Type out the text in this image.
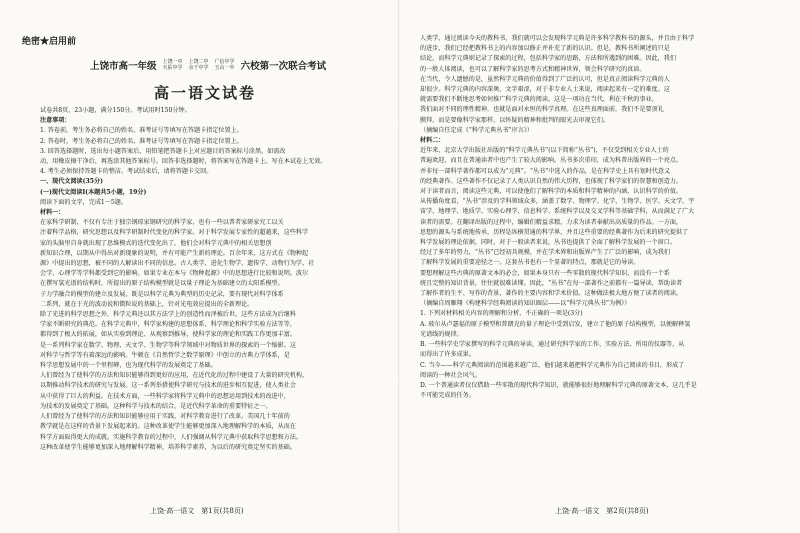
绝密★启用前
上饶市高一年级 上饶一中
天佑中学
上饶二中
余干中学
广信中学
玉山一中 六校第一次联合考试
高一语文试卷
试卷共8页，23小题，满分150分。考试用时150分钟。
注意事项：
1. 答卷前，考生务必将自己的姓名、准考证号等填写在答题卡指定位置上。
2. 答卷时，考生务必将自己的姓名、准考证号等填写在答题卡指定位置上。
3. 回答选择题时，选出每小题答案后，用铅笔把答题卡上对应题目的答案标号涂黑。如需改
动，用橡皮擦干净后，再选涂其他答案标号。回答非选择题时，将答案写在答题卡上。写在本试卷上无效。
4. 考生必须保持答题卡的整洁。考试结束后，请将答题卡交回。
一、现代文阅读(35分)
(一)现代文阅读Ⅰ(本题共5小题，19分)
阅读下面的文字，完成1～5题。
材料一：
在家科学研制，不仅有专注于独宗钢琼家钢研究的科学家，也有一些以普者家研家究工以关
注着科学品格，研究思想以及科学研制时代变化的科学家。对于科学发展专家性的超越来，这些科学
家的头脑里自身就出现了思维模式的迭代变化出了，他们会对科学元典中的相关思想创
新知识合理，以期从中得出对新现象的说明，并有可能产生新的理论。百余年来，这方式在《物种起
源》中提出的思想，被不同的人解读出不同的信息。古人类学、进化生物学、遗传学、动物行为学、社
会学、心理学等学科都受到它的影响。如果专业在本与《物种起源》中的思想进行比较和说明。波尔
在撰写氢光谱的结构时，所提出的原子结构模型就是以量子理论为基础建立的太阳系模型。
子力学融合的模型的建立及发展，既是以科学元典为典型的历史记录，要有现代对科学体系
二系列，就在于光的波动说和微粒说的基础上，针对光电效应提出的全新理论。
除了光进的科学思想之外，科学元典还以其方法学上的创造性而泽被后世。这些方法成为后继科
学家不断研究的典范。在科学元典中，科学家构建的思想体系、科学理论和科学实验方法等等，
都得到了极大的拓展，如从实验到理论、从观察到推导，使科学家的理论和实践工作更加丰富。
是一系列科学家在数学、物理、天文学、生物学等科学领域中对物质世界的探索的一个缩影。这
对科学与哲学等有着深远的影响。牛顿在《自然哲学之数学原理》中创立的古典力学体系，是
科学思想发展中的一个里程碑，也为现代科学的发展奠定了基础。
人们曾经为了使科学的方法和知识能够得到更好的应用，在近代化的过程中建设了大量的研究机构，
以期推动科学技术的研究与发展。这一系列举措使科学研究与技术的进步相互促进，使人类社会
从中获得了巨大的利益。在技术方面，一些科学家将科学元典中的思想运用到技术的改进中，
为技术的发展奠定了基础。这种科学与技术的结合，是近代科学革命的重要特征之一。
人们曾经为了使科学的方法和知识能够应用于实践，对科学教育进行了改革。美国几十年前的
教学就是在这样的背景下发展起来的。这种改革使学生能够更加深入地理解科学的本质，从而在
科学方面取得更大的成就。实施科学教育的过程中，人们强调从科学元典中获取科学思想和方法。
这种改革使学生能够更加深入地理解科学精神，培养科学素养，为以后的研究奠定坚实的基础。
人类学，通过阅读今天的教科书，我们就可以会发现科学元典是许多科学教科书的源头，并且由于科学
的进步，我们已经把教科书上的内容加以修正并补充了新的认识。但是，教科书所阐述的只是
结论，而科学元典则记录了探索的过程，包括科学家的思路、方法和所遇到的困难。因此，我们
的一般人体阅读，也可以了解科学家的思考方式和精神世界，领会科学研究的真谛。
在当代，令人遗憾的是，虽然科学元典的价值得到了广泛的认可，但是真正阅读科学元典的人
却很少。科学元典的内容深奥、文字艰涩，对于非专业人士来说，阅读起来有一定的难度。这
就需要我们不断地思考如何推广科学元典的阅读。这是一项功在当代、利在千秋的事业。
我们面对不同的理性精神，也就是面对永恒的科学真理。在这些真理面前，我们不是要顶礼
膜拜，而是要像科学家那样，以怀疑的精神和批判的眼光去审视它们。
（摘编自任定成《“科学元典丛书”序言》）
材料二：
近年来，北京大学出版社出版的“科学元典丛书”(以下简称“丛书”)，不仅受到相关专业人士的
普遍欢迎，而且在普通读者中也产生了较大的影响。丛书多次重印，成为科普出版界的一个亮点。
并非每一部科学著作都可以成为“元典”。“丛书”中选入的作品，是在科学史上具有划时代意义
的经典著作。这些著作不仅记录了人类认识自然的伟大历程，也体现了科学家们的智慧和创造力。
对于读者而言，阅读这些元典，可以使他们了解科学的本质和科学精神的内涵，认识科学的价值。
从传播角度看，“丛书”涉及的学科领域众多，涵盖了数学、物理学、化学、生物学、医学、天文学、宇
宙学、地理学、地质学、实验心理学、信息科学、系统科学以及交叉学科等基础学科，从而满足了广大
读者的需要。在翻译出版的过程中，编辑们精益求精，力求为读者奉献出高质量的作品。一方面，
思想的源头与系统地传承，历程是纵横贯通的科学界，并且这些重要的经典著作为后来的研究提供了
科学发展的理论依据，同时，对于一般读者来说，丛书也提供了全面了解科学发展的一个窗口。
经过了多年的努力，“丛书”已经初具规模，并在学术界和出版界产生了广泛的影响，成为我们
了解科学发展的重要途径之一。这套丛书也有一个显著的特点，那就是它的导读。
要想理解这些古典的原著文本的必会，如果本身只有一些零散的现代科学知识，而没有一个系
统且完整的知识背景，往往就很难读懂。因此，“丛书”在每一部著作之前都有一篇导读，帮助读者
了解作者的生平、写作的背景、著作的主要内容和学术价值。这种做法极大地方便了读者的阅读。
（摘编自周雁翔《构建科学经典阅读的知识圈层——以“科学元典丛书”为例》）
1. 下列对材料相关内容的理解和分析，不正确的一项是(3分)
A. 玻尔从卢瑟福的原子模型和普朗克的量子理论中受到启发，建立了他的原子结构模型，以便解释氢
光谱线的规律。
B. 一些科学史学家撰写的科学元典的导读，通过研究科学家的工作、实验方法、所用的仪器等，从
而得出了许多成果。
C. 当今——科学元典阅读的范围越来越广泛，他们越来越把科学元典作为自己阅读的书目，形成了
阅读的一种社会风气。
D. 一个普通读者仅仅借助一些零散的现代科学知识，就能够很好地理解科学元典的原著文本，这几乎是
不可能完成的任务。
上饶·高一语文　第1页(共8页)	上饶·高一语文　第2页(共8页)
